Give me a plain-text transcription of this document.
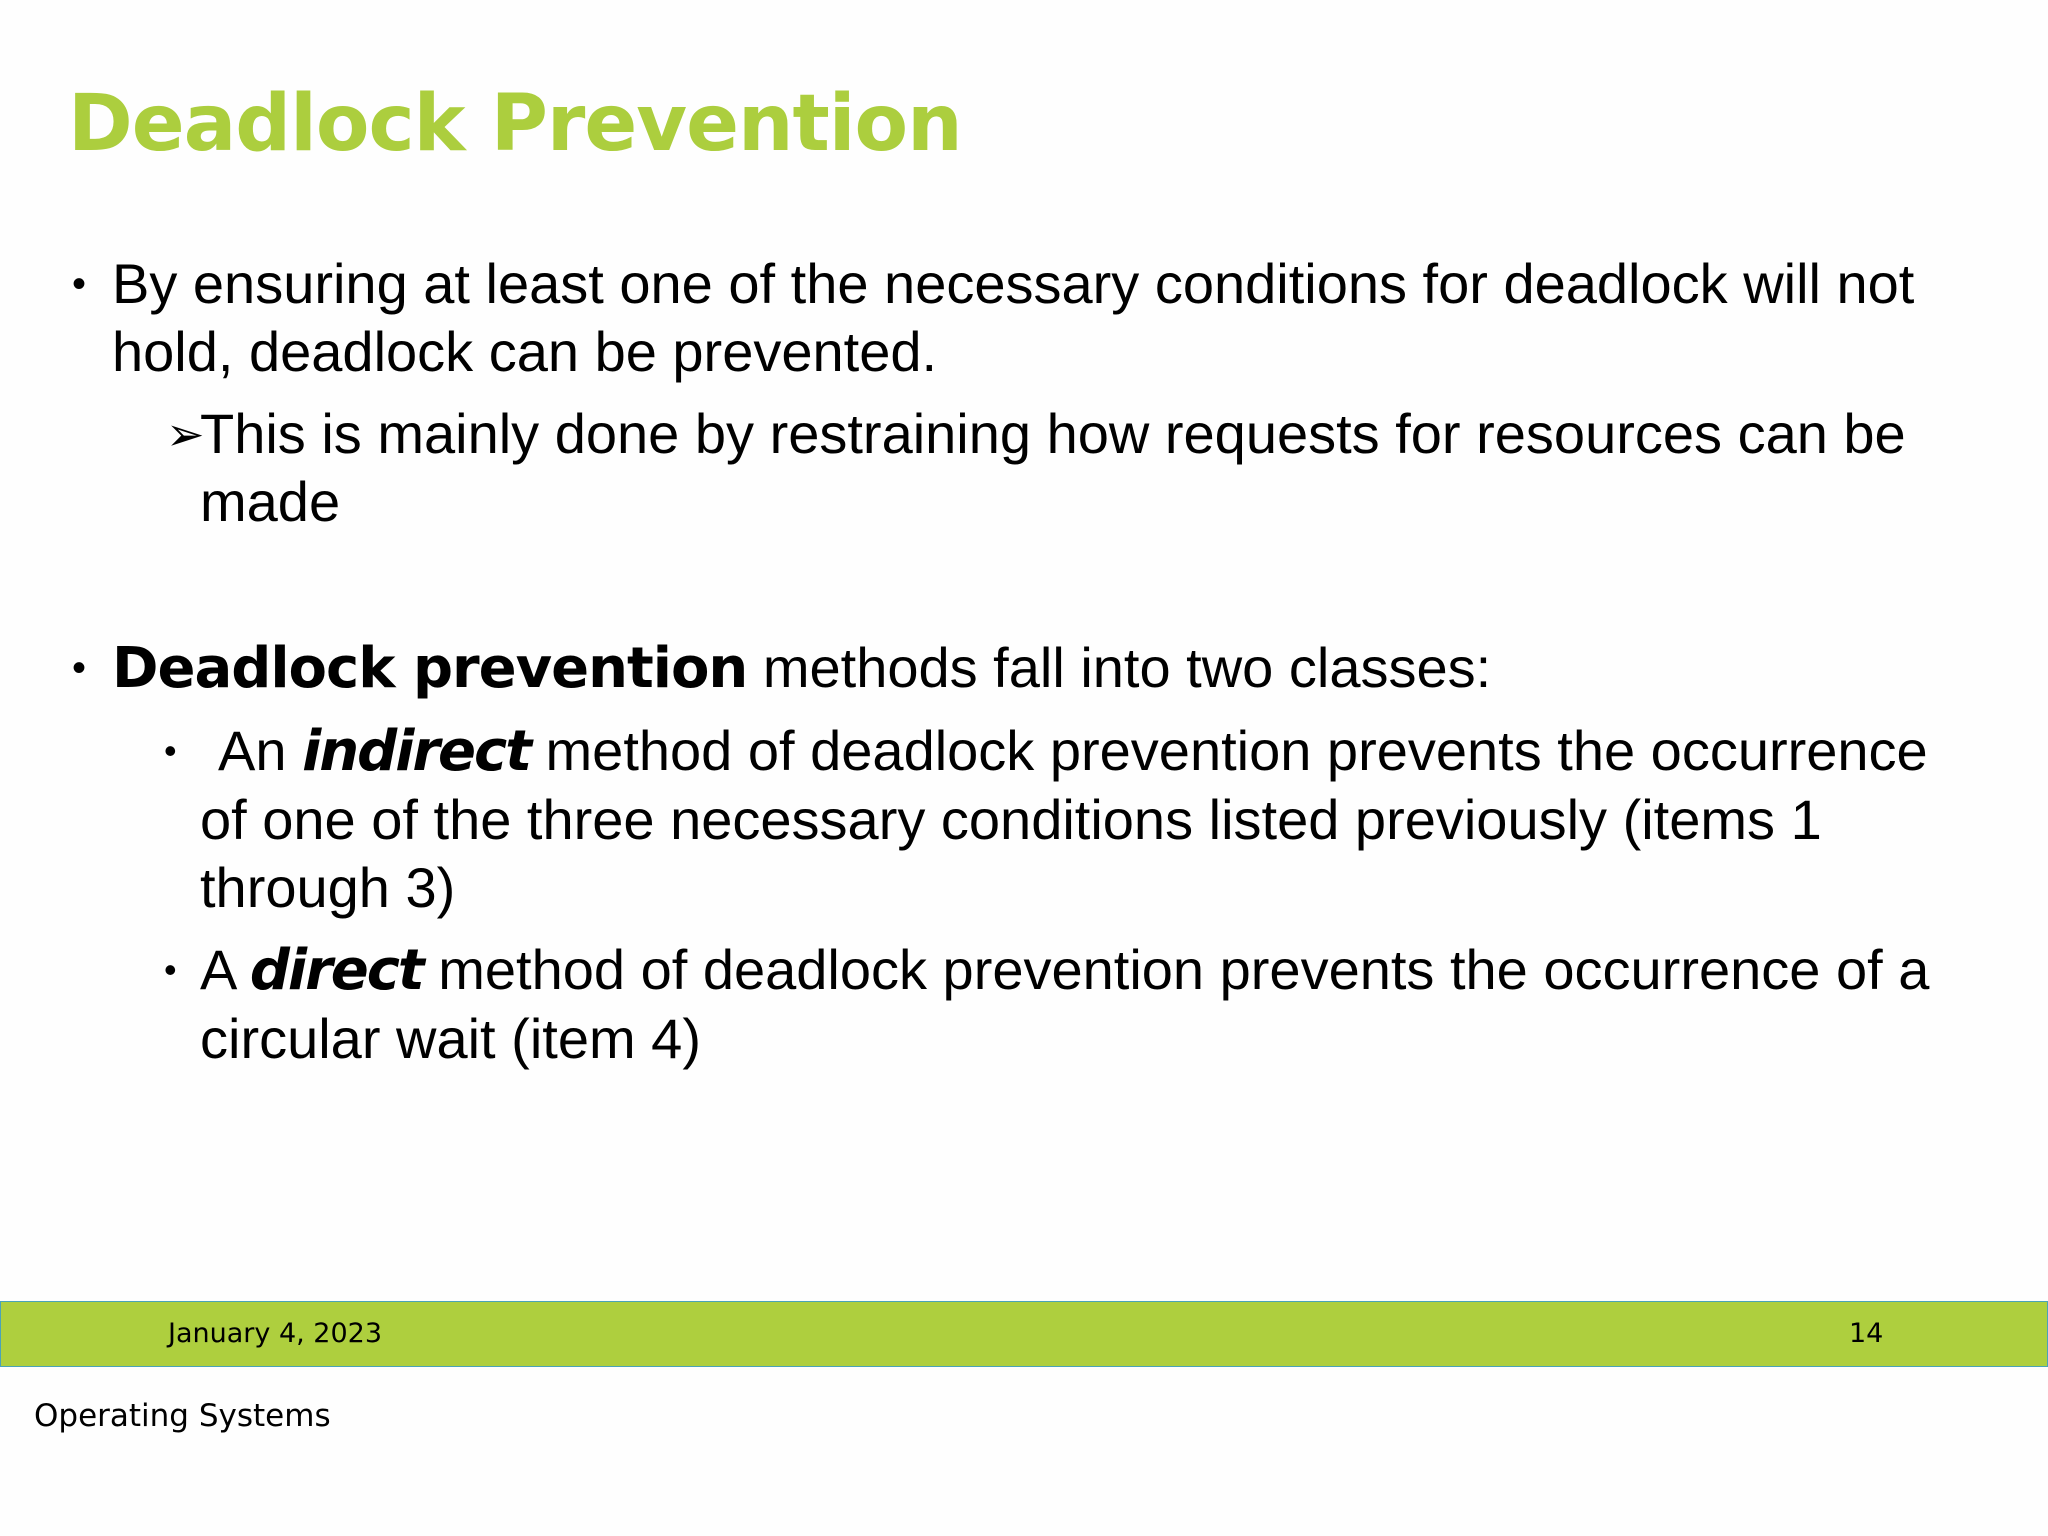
Deadlock Prevention
• By ensuring at least one of the necessary conditions for deadlock will not hold, deadlock can be prevented.
➢
This is mainly done by restraining how requests for resources can be made
• Deadlock prevention methods fall into two classes:
• An indirect method of deadlock prevention prevents the occurrence of one of the three necessary conditions listed previously (items 1 through 3)
• A direct method of deadlock prevention prevents the occurrence of a circular wait (item 4)
January 4, 2023	14
Operating Systems
